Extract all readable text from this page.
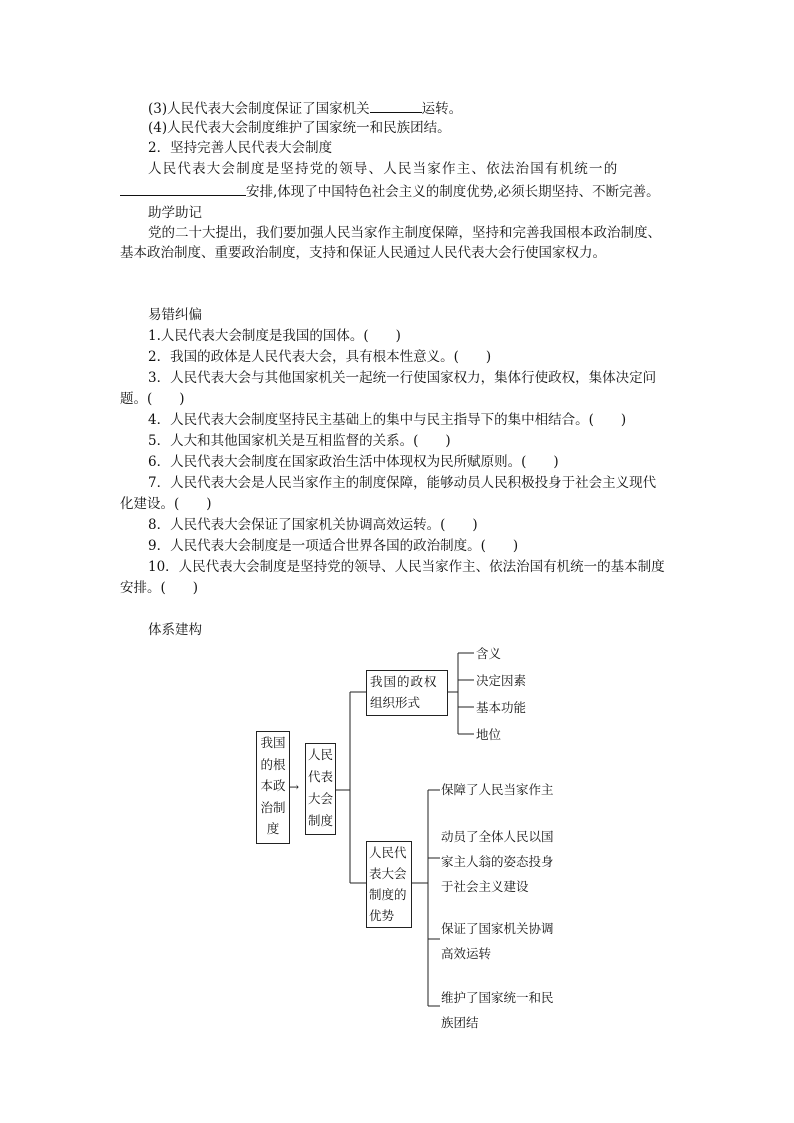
(3)人民代表大会制度保证了国家机关	运转。
(4)人民代表大会制度维护了国家统一和民族团结。
2．坚持完善人民代表大会制度
人民代表大会制度是坚持党的领导、人民当家作主、依法治国有机统一的
安排,体现了中国特色社会主义的制度优势,必须长期坚持、不断完善。
助学助记
党的二十大提出，我们要加强人民当家作主制度保障，坚持和完善我国根本政治制度、
基本政治制度、重要政治制度，支持和保证人民通过人民代表大会行使国家权力。
易错纠偏
1.人民代表大会制度是我国的国体。(　　)
2．我国的政体是人民代表大会，具有根本性意义。(　　)
3．人民代表大会与其他国家机关一起统一行使国家权力，集体行使政权，集体决定问
题。(　　)
4．人民代表大会制度坚持民主基础上的集中与民主指导下的集中相结合。(　　)
5．人大和其他国家机关是互相监督的关系。(　　)
6．人民代表大会制度在国家政治生活中体现权为民所赋原则。(　　)
7．人民代表大会是人民当家作主的制度保障，能够动员人民积极投身于社会主义现代
化建设。(　　)
8．人民代表大会保证了国家机关协调高效运转。(　　)
9．人民代表大会制度是一项适合世界各国的政治制度。(　　)
10．人民代表大会制度是坚持党的领导、人民当家作主、依法治国有机统一的基本制度
安排。(　　)
体系建构
我国
的根
本政
治制
度
→
人民
代表
大会
制度
我国的政权
组织形式
含义
决定因素
基本功能
地位
人民代
表大会
制度的
优势
保障了人民当家作主
动员了全体人民以国
家主人翁的姿态投身
于社会主义建设
保证了国家机关协调
高效运转
维护了国家统一和民
族团结
